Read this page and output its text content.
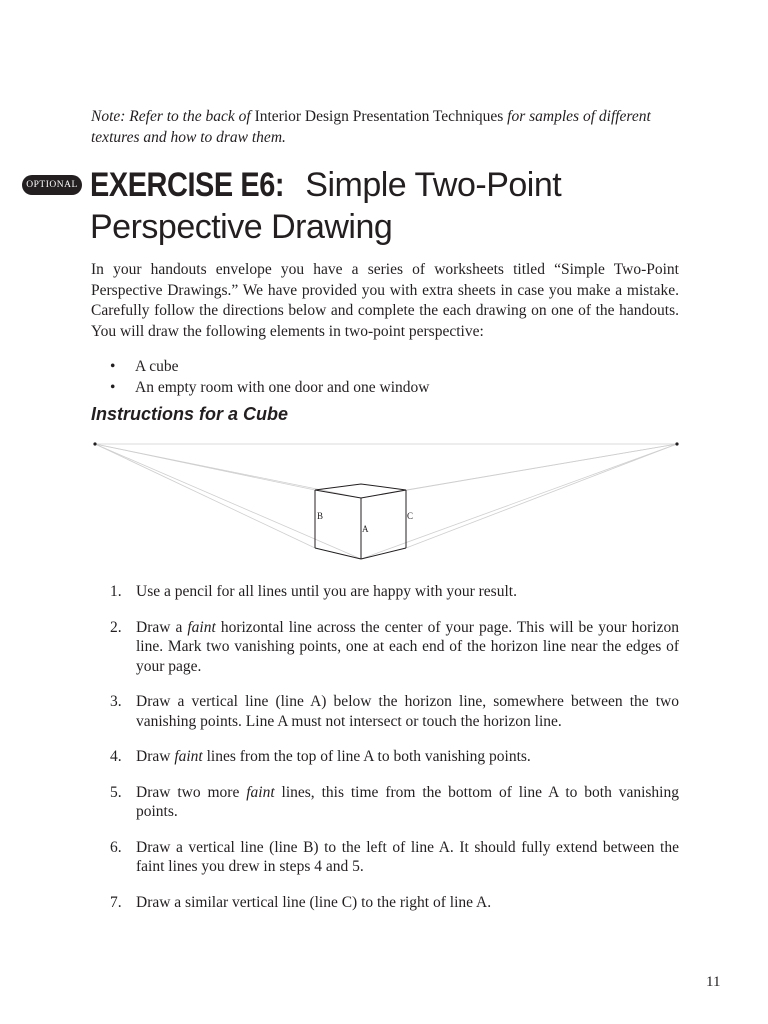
Note: Refer to the back of Interior Design Presentation Techniques for samples of different textures and how to draw them.

OPTIONAL EXERCISE E6: Simple Two-Point Perspective Drawing

In your handouts envelope you have a series of worksheets titled “Simple Two-Point Perspective Drawings.” We have provided you with extra sheets in case you make a mistake. Carefully follow the directions below and complete the each drawing on one of the handouts. You will draw the following elements in two-point perspective:

• A cube
• An empty room with one door and one window
Instructions for a Cube
B
A
C
1. Use a pencil for all lines until you are happy with your result.
2. Draw a faint horizontal line across the center of your page. This will be your horizon line. Mark two vanishing points, one at each end of the horizon line near the edges of your page.
3. Draw a vertical line (line A) below the horizon line, somewhere between the two vanishing points. Line A must not intersect or touch the horizon line.
4. Draw faint lines from the top of line A to both vanishing points.
5. Draw two more faint lines, this time from the bottom of line A to both vanishing points.
6. Draw a vertical line (line B) to the left of line A. It should fully extend between the faint lines you drew in steps 4 and 5.
7. Draw a similar vertical line (line C) to the right of line A.
11
